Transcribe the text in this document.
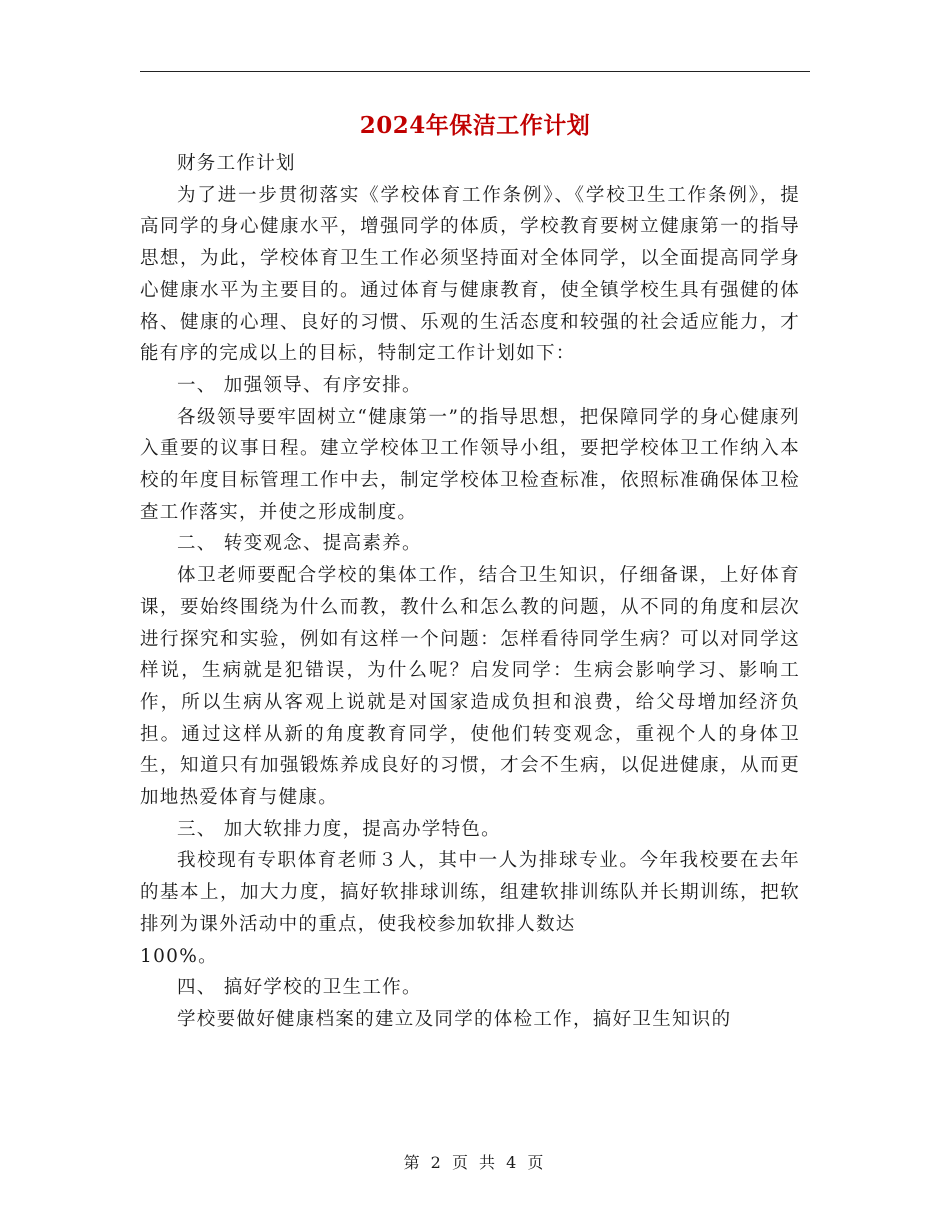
2024年保洁工作计划

财务工作计划

为了进一步贯彻落实《学校体育工作条例》、《学校卫生工作条例》，提高同学的身心健康水平，增强同学的体质，学校教育要树立健康第一的指导思想，为此，学校体育卫生工作必须坚持面对全体同学，以全面提高同学身心健康水平为主要目的。通过体育与健康教育，使全镇学校生具有强健的体格、健康的心理、良好的习惯、乐观的生活态度和较强的社会适应能力，才能有序的完成以上的目标，特制定工作计划如下：

一、 加强领导、有序安排。

各级领导要牢固树立“健康第一”的指导思想，把保障同学的身心健康列入重要的议事日程。建立学校体卫工作领导小组，要把学校体卫工作纳入本校的年度目标管理工作中去，制定学校体卫检查标准，依照标准确保体卫检查工作落实，并使之形成制度。

二、 转变观念、提高素养。

体卫老师要配合学校的集体工作，结合卫生知识，仔细备课，上好体育课，要始终围绕为什么而教，教什么和怎么教的问题，从不同的角度和层次进行探究和实验，例如有这样一个问题：怎样看待同学生病？可以对同学这样说，生病就是犯错误，为什么呢？启发同学：生病会影响学习、影响工作，所以生病从客观上说就是对国家造成负担和浪费，给父母增加经济负担。通过这样从新的角度教育同学，使他们转变观念，重视个人的身体卫生，知道只有加强锻炼养成良好的习惯，才会不生病，以促进健康，从而更加地热爱体育与健康。

三、 加大软排力度，提高办学特色。

我校现有专职体育老师３人，其中一人为排球专业。今年我校要在去年的基本上，加大力度，搞好软排球训练，组建软排训练队并长期训练，把软排列为课外活动中的重点，使我校参加软排人数达

100%。

四、 搞好学校的卫生工作。

学校要做好健康档案的建立及同学的体检工作，搞好卫生知识的

第 2 页 共 4 页
